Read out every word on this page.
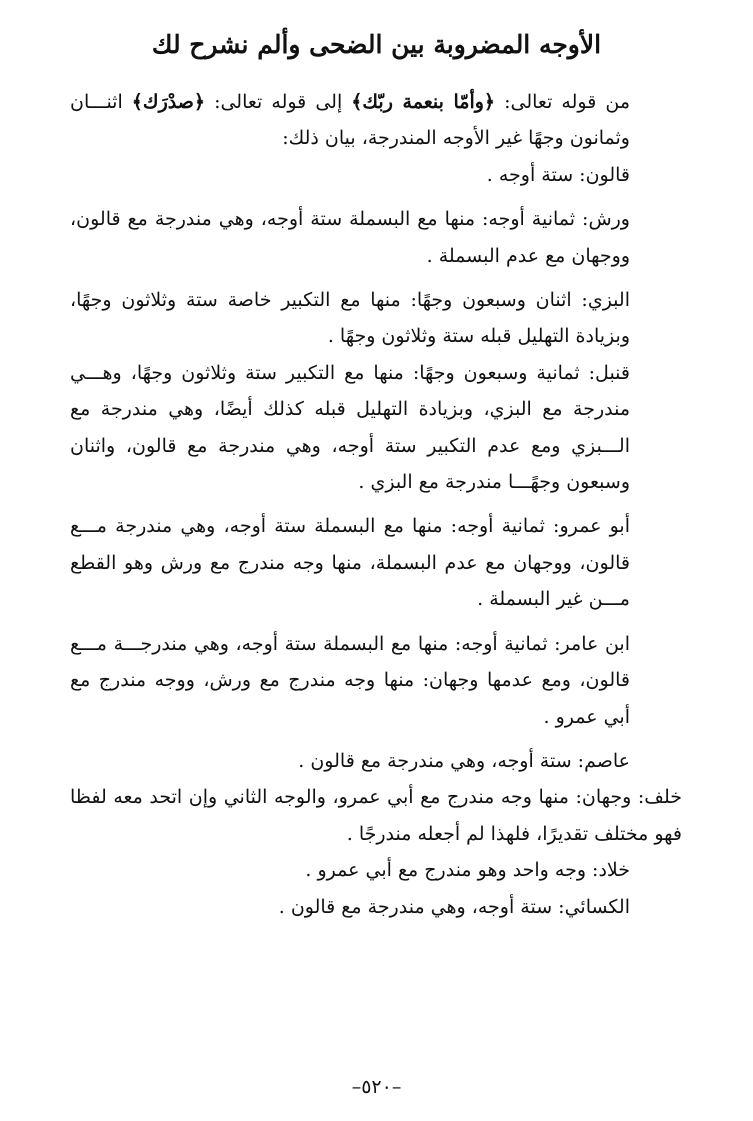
الأوجه المضروبة بين الضحى وألم نشرح لك

من قوله تعالى: ﴿وأمّا بنعمة ربّك﴾ إلى قوله تعالى: ﴿صدْرَك﴾ اثنـــان وثمانون وجهًا غير الأوجه المندرجة، بيان ذلك:

قالون: ستة أوجه .

ورش: ثمانية أوجه: منها مع البسملة ستة أوجه، وهي مندرجة مع قالون، ووجهان مع عدم البسملة .

البزي: اثنان وسبعون وجهًا: منها مع التكبير خاصة ستة وثلاثون وجهًا، وبزيادة التهليل قبله ستة وثلاثون وجهًا .

قنبل: ثمانية وسبعون وجهًا: منها مع التكبير ستة وثلاثون وجهًا، وهـــي مندرجة مع البزي، وبزيادة التهليل قبله كذلك أيضًا، وهي مندرجة مع الـــبزي ومع عدم التكبير ستة أوجه، وهي مندرجة مع قالون، واثنان وسبعون وجهًـــا مندرجة مع البزي .

أبو عمرو: ثمانية أوجه: منها مع البسملة ستة أوجه، وهي مندرجة مـــع قالون، ووجهان مع عدم البسملة، منها وجه مندرج مع ورش وهو القطع مـــن غير البسملة .

ابن عامر: ثمانية أوجه: منها مع البسملة ستة أوجه، وهي مندرجـــة مـــع قالون، ومع عدمها وجهان: منها وجه مندرج مع ورش، ووجه مندرج مع أبي عمرو .

عاصم: ستة أوجه، وهي مندرجة مع قالون .

خلف: وجهان: منها وجه مندرج مع أبي عمرو، والوجه الثاني وإن اتحد معه لفظا فهو مختلف تقديرًا، فلهذا لم أجعله مندرجًا .

خلاد: وجه واحد وهو مندرج مع أبي عمرو .

الكسائي: ستة أوجه، وهي مندرجة مع قالون .

–٥٢٠–
